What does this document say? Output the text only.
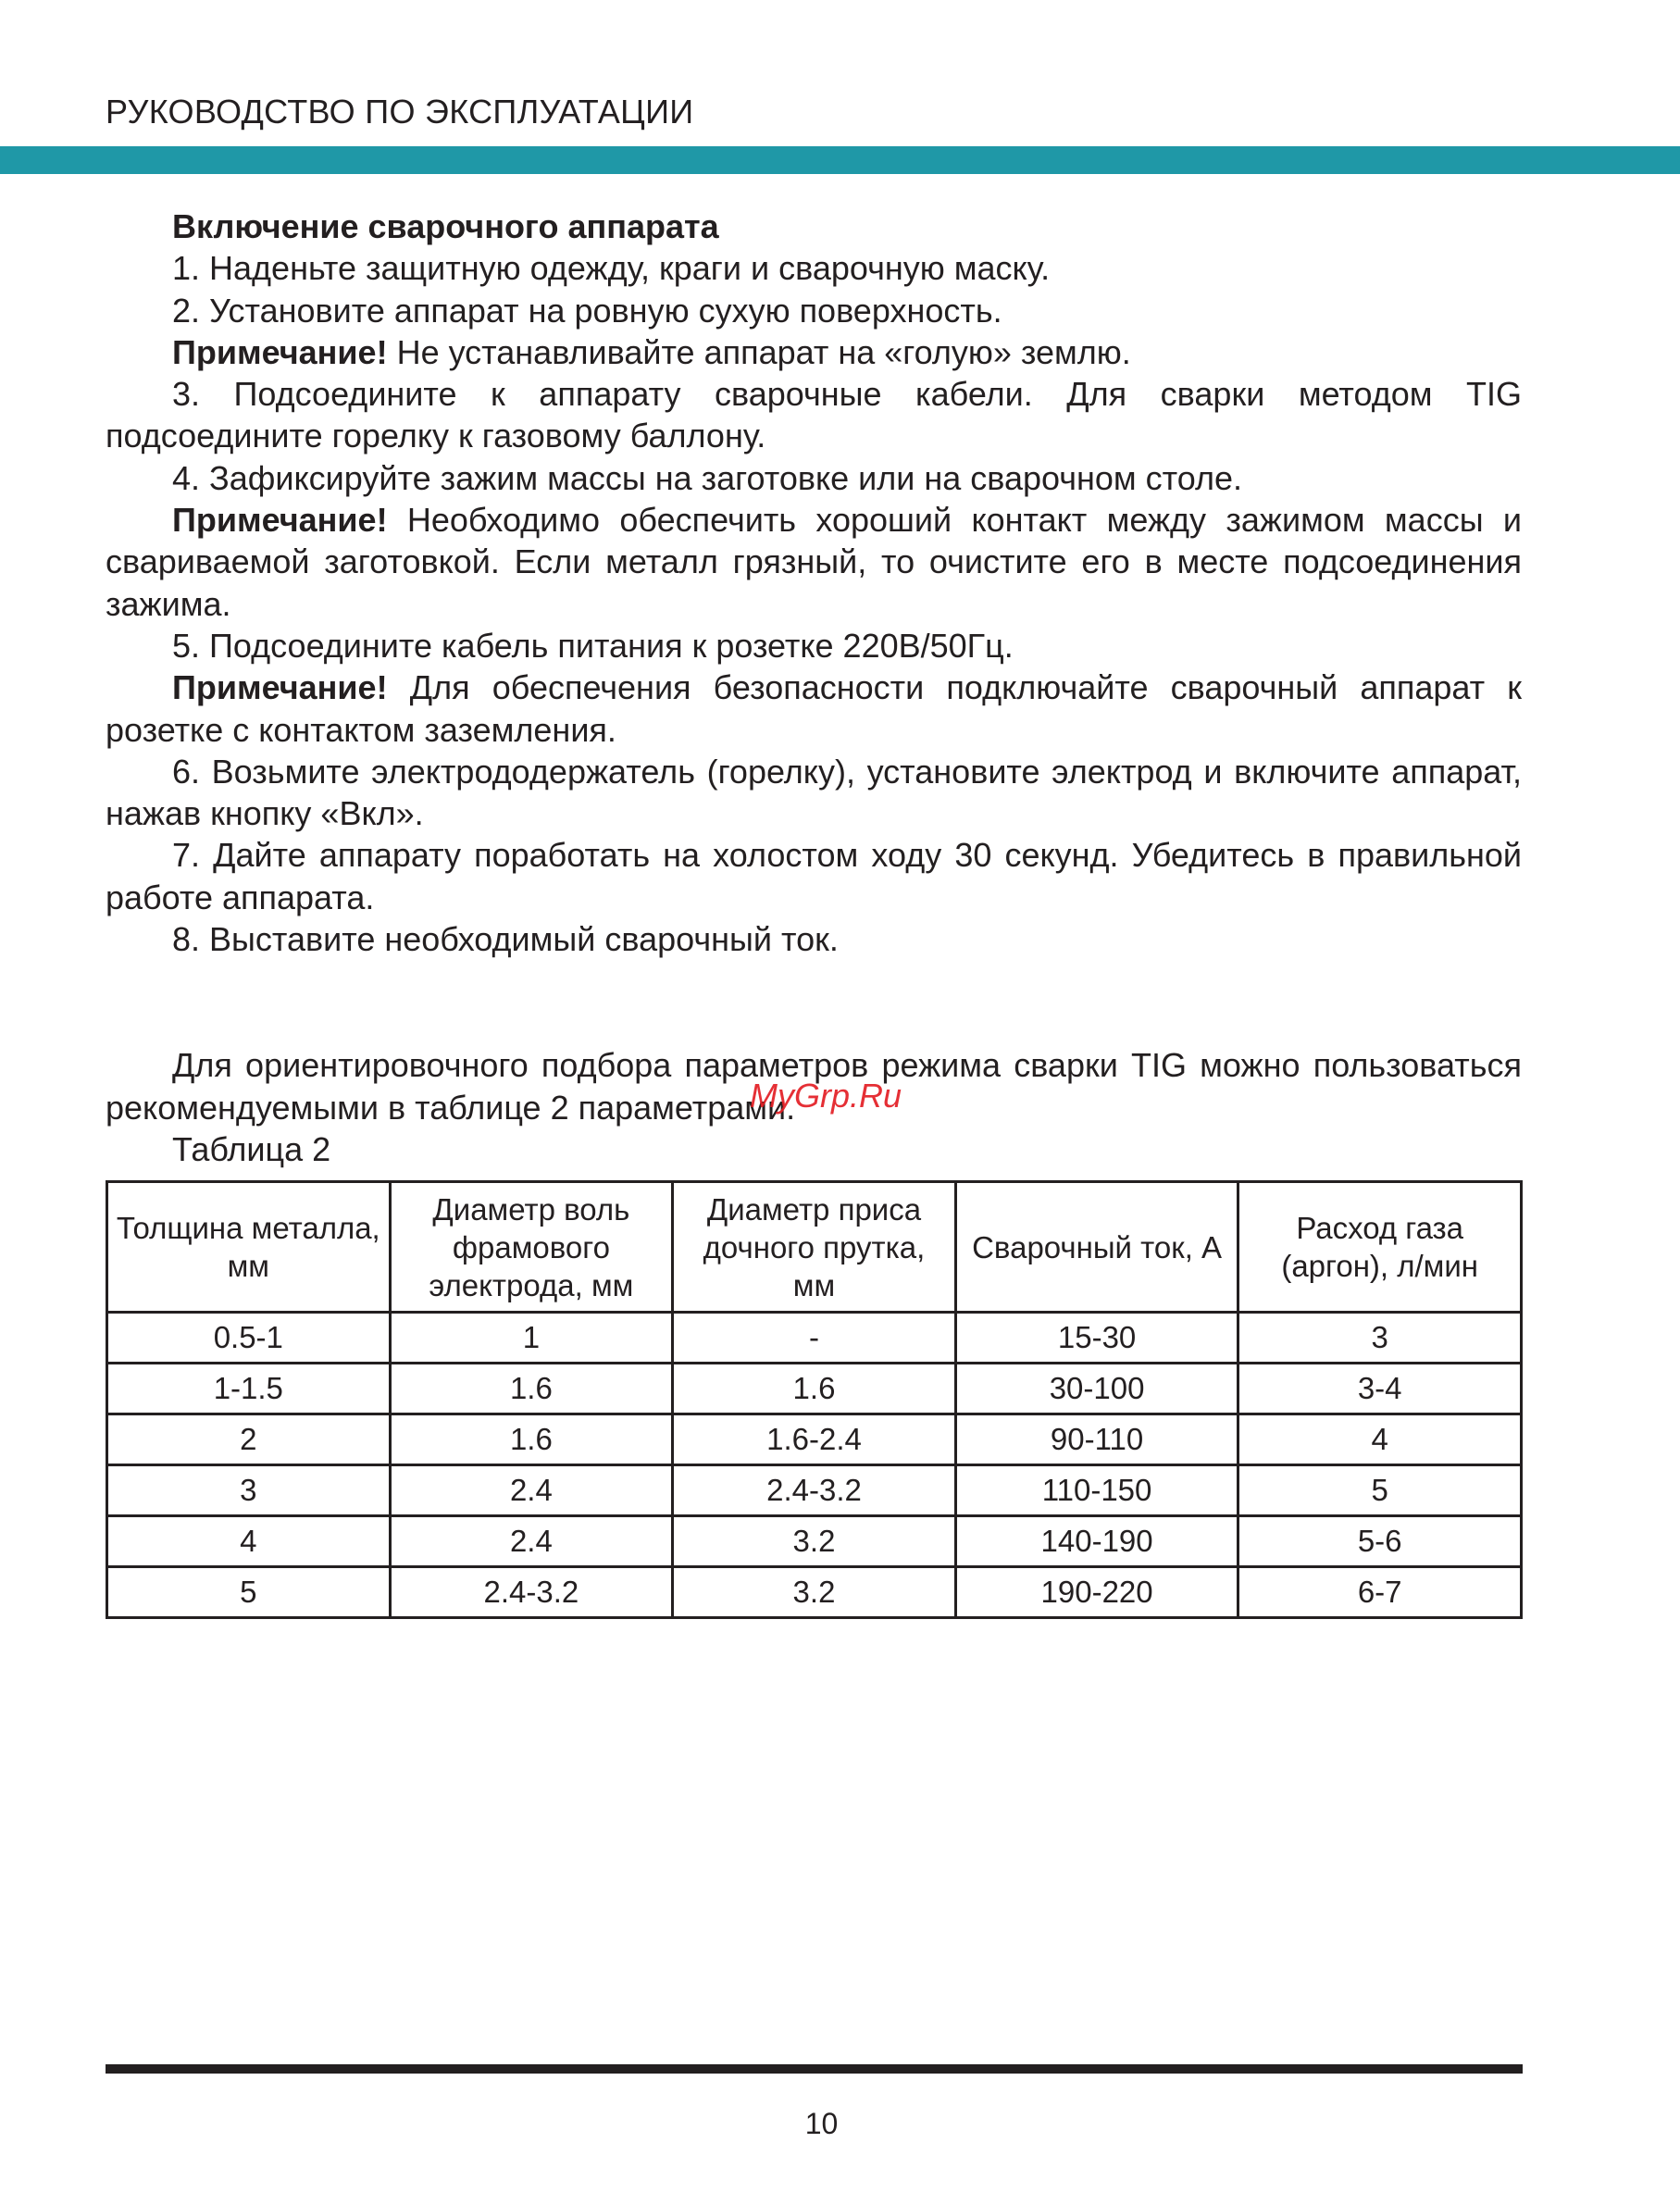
РУКОВОДСТВО ПО ЭКСПЛУАТАЦИИ

Включение сварочного аппарата

1. Наденьте защитную одежду, краги и сварочную маску.

2. Установите аппарат на ровную сухую поверхность.

Примечание! Не устанавливайте аппарат на «голую» землю.

3. Подсоедините к аппарату сварочные кабели. Для сварки методом TIG подсоедините горелку к газовому баллону.

4. Зафиксируйте зажим массы на заготовке или на сварочном столе.

Примечание! Необходимо обеспечить хороший контакт между зажимом массы и свариваемой заготовкой. Если металл грязный, то очистите его в месте подсоединения зажима.

5. Подсоедините кабель питания к розетке 220В/50Гц.

Примечание! Для обеспечения безопасности подключайте сварочный аппарат к розетке с контактом заземления.

6. Возьмите электрододержатель (горелку), установите электрод и включите аппарат, нажав кнопку «Вкл».

7. Дайте аппарату поработать на холостом ходу 30 секунд. Убедитесь в правильной работе аппарата.

8. Выставите необходимый сварочный ток.

Для ориентировочного подбора параметров режима сварки TIG можно пользоваться рекомендуемыми в таблице 2 параметрами.

Таблица 2

MyGrp.Ru
Толщина металла, мм	Диаметр воль фрамового электрода, мм	Диаметр приса дочного прутка, мм	Сварочный ток, А	Расход газа (аргон), л/мин
0.5-1	1	-	15-30	3
1-1.5	1.6	1.6	30-100	3-4
2	1.6	1.6-2.4	90-110	4
3	2.4	2.4-3.2	110-150	5
4	2.4	3.2	140-190	5-6
5	2.4-3.2	3.2	190-220	6-7
10
